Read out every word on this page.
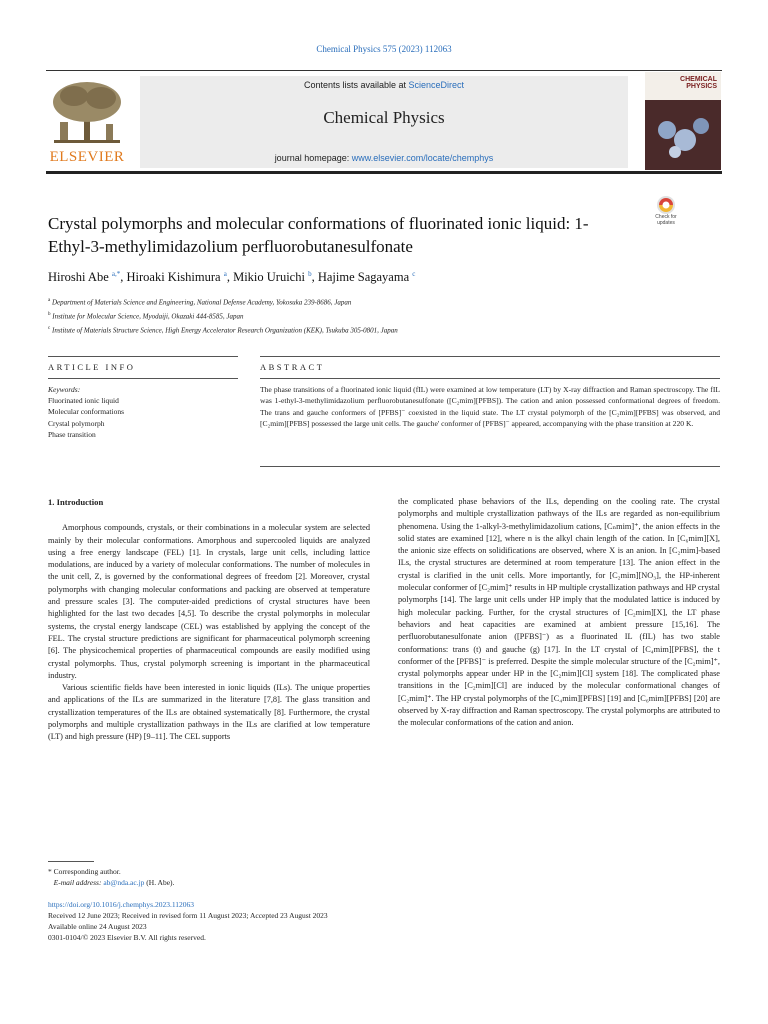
Chemical Physics 575 (2023) 112063
ELSEVIER
Contents lists available at ScienceDirect
Chemical Physics
journal homepage: www.elsevier.com/locate/chemphys
CHEMICAL
PHYSICS
Check for
updates
Crystal polymorphs and molecular conformations of fluorinated ionic liquid: 1-Ethyl-3-methylimidazolium perfluorobutanesulfonate
Hiroshi Abe $^{a,*}$, Hiroaki Kishimura $^a$, Mikio Uruichi $^b$, Hajime Sagayama $^c$
$^a$ Department of Materials Science and Engineering, National Defense Academy, Yokosuka 239-8686, Japan
$^b$ Institute for Molecular Science, Myodaiji, Okazaki 444-8585, Japan
$^c$ Institute of Materials Structure Science, High Energy Accelerator Research Organization (KEK), Tsukuba 305-0801, Japan
ARTICLE INFO	ABSTRACT
Keywords:
Fluorinated ionic liquid
Molecular conformations
Crystal polymorph
Phase transition
The phase transitions of a fluorinated ionic liquid (fIL) were examined at low temperature (LT) by X-ray diffraction and Raman spectroscopy. The fIL was 1-ethyl-3-methylimidazolium perfluorobutanesulfonate ([C₂mim][PFBS]). The cation and anion possessed conformational degrees of freedom. The trans and gauche conformers of [PFBS]⁻ coexisted in the liquid state. The LT crystal polymorph of the [C₂mim][PFBS] was observed, and [C₂mim][PFBS] possessed the large unit cells. The gauche' conformer of [PFBS]⁻ appeared, accompanying with the phase transition at 220 K.
1. Introduction

Amorphous compounds, crystals, or their combinations in a molecular system are selected mainly by their molecular conformations. Amorphous and supercooled liquids are analyzed using a free energy landscape (FEL) [1]. In crystals, large unit cells, including lattice modulations, are induced by a variety of molecular conformations. The number of molecules in the unit cell, Z, is governed by the conformational degrees of freedom [2]. Moreover, crystal polymorphs with changing molecular conformations and packing are observed at temperature and pressure scales [3]. The computer-aided predictions of crystal structures have been highlighted for the last two decades [4,5]. To describe the crystal polymorphs in molecular systems, the crystal energy landscape (CEL) was established by applying the concept of the FEL. The crystal structure predictions are significant for pharmaceutical polymorph screening [6]. The physicochemical properties of pharmaceutical compounds are easily modified using crystal polymorphs. Thus, crystal polymorph screening is important in the pharmaceutical industry.

Various scientific fields have been interested in ionic liquids (ILs). The unique properties and applications of the ILs are summarized in the literature [7,8]. The glass transition and crystallization temperatures of the ILs are obtained systematically [8]. Furthermore, the crystal polymorphs and multiple crystallization pathways in the ILs are clarified at low temperature (LT) and high pressure (HP) [9–11]. The CEL supports

the complicated phase behaviors of the ILs, depending on the cooling rate. The crystal polymorphs and multiple crystallization pathways of the ILs are regarded as non-equilibrium phenomena. Using the 1-alkyl-3-methylimidazolium cations, [Cₙmim]⁺, the anion effects in the solid states are examined [12], where n is the alkyl chain length of the cation. In [C₆mim][X], the anionic size effects on solidifications are observed, where X is an anion. In [C₂mim]-based ILs, the crystal structures are determined at room temperature [13]. The anion effect in the crystal is clarified in the unit cells. More importantly, for [C₂mim][NO₃], the HP-inherent molecular conformer of [C₂mim]⁺ results in HP multiple crystallization pathways and HP crystal polymorphs [14]. The large unit cells under HP imply that the modulated lattice is induced by high molecular packing. Further, for the crystal structures of [C₂mim][X], the LT phase behaviors and heat capacities are examined at ambient pressure [15,16]. The perfluorobutanesulfonate anion ([PFBS]⁻) as a fluorinated IL (fIL) has two stable conformations: trans (t) and gauche (g) [17]. In the LT crystal of [C₄mim][PFBS], the t conformer of the [PFBS]⁻ is preferred. Despite the simple molecular structure of the [C₂mim]⁺, crystal polymorphs appear under HP in the [C₂mim][Cl] system [18]. The complicated phase transitions in the [C₂mim][Cl] are induced by the molecular conformational changes of [C₂mim]⁺. The HP crystal polymorphs of the [C₄mim][PFBS] [19] and [C₆mim][PFBS] [20] are observed by X-ray diffraction and Raman spectroscopy. The crystal polymorphs are attributed to the molecular conformations of the cation and anion.

* Corresponding author.
E-mail address: ab@nda.ac.jp (H. Abe).
https://doi.org/10.1016/j.chemphys.2023.112063
Received 12 June 2023; Received in revised form 11 August 2023; Accepted 23 August 2023
Available online 24 August 2023
0301-0104/© 2023 Elsevier B.V. All rights reserved.
